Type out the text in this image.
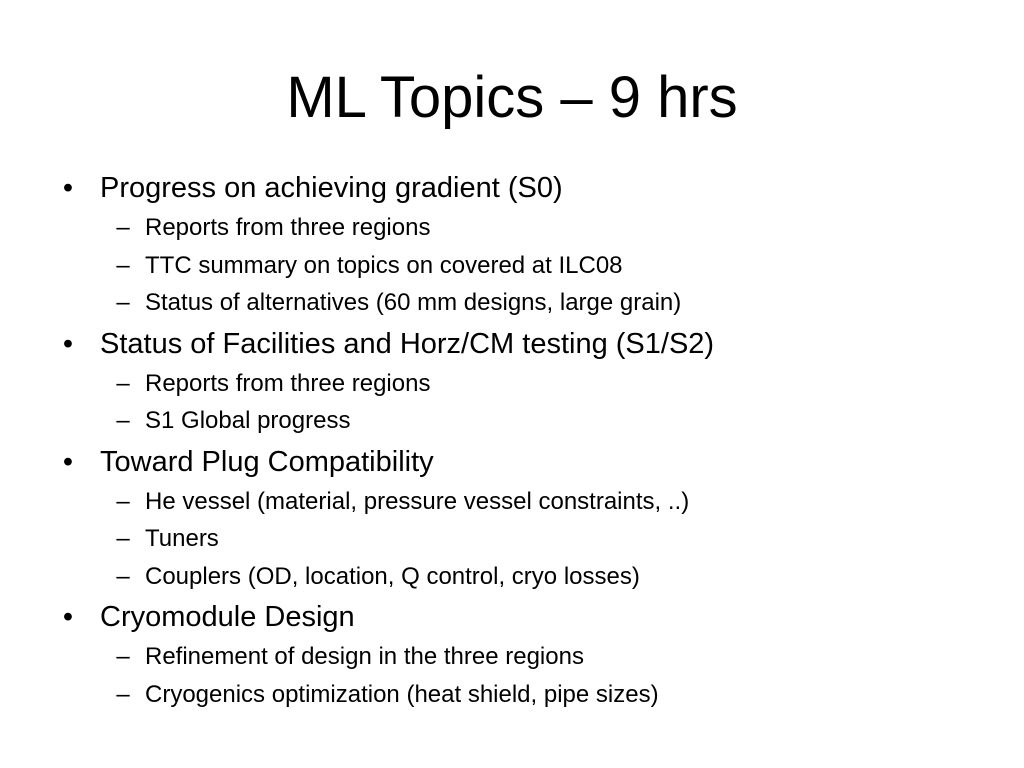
ML Topics – 9 hrs
• Progress on achieving gradient (S0)
– Reports from three regions
– TTC summary on topics on covered at ILC08
– Status of alternatives (60 mm designs, large grain)
• Status of Facilities and Horz/CM testing (S1/S2)
– Reports from three regions
– S1 Global progress
• Toward Plug Compatibility
– He vessel (material, pressure vessel constraints, ..)
– Tuners
– Couplers (OD, location, Q control, cryo losses)
• Cryomodule Design
– Refinement of design in the three regions
– Cryogenics optimization (heat shield, pipe sizes)
